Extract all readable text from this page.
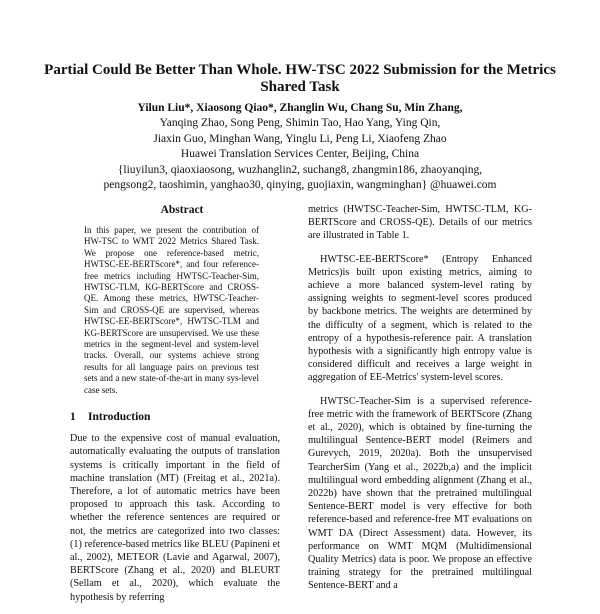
Partial Could Be Better Than Whole. HW-TSC 2022 Submission for the Metrics Shared Task
Yilun Liu*, Xiaosong Qiao*, Zhanglin Wu, Chang Su, Min Zhang,
Yanqing Zhao, Song Peng, Shimin Tao, Hao Yang, Ying Qin,
Jiaxin Guo, Minghan Wang, Yinglu Li, Peng Li, Xiaofeng Zhao
Huawei Translation Services Center, Beijing, China
{liuyilun3, qiaoxiaosong, wuzhanglin2, suchang8, zhangmin186, zhaoyanqing,
pengsong2, taoshimin, yanghao30, qinying, guojiaxin, wangminghan} @huawei.com
Abstract

In this paper, we present the contribution of HW-TSC to WMT 2022 Metrics Shared Task. We propose one reference-based metric, HWTSC-EE-BERTScore*, and four reference-free metrics including HWTSC-Teacher-Sim, HWTSC-TLM, KG-BERTScore and CROSS-QE. Among these metrics, HWTSC-Teacher-Sim and CROSS-QE are supervised, whereas HWTSC-EE-BERTScore*, HWTSC-TLM and KG-BERTScore are unsupervised. We use these metrics in the segment-level and system-level tracks. Overall, our systems achieve strong results for all language pairs on previous test sets and a new state-of-the-art in many sys-level case sets.

1 Introduction

Due to the expensive cost of manual evaluation, automatically evaluating the outputs of translation systems is critically important in the field of machine translation (MT) (Freitag et al., 2021a). Therefore, a lot of automatic metrics have been proposed to approach this task. According to whether the reference sentences are required or not, the metrics are categorized into two classes: (1) reference-based metrics like BLEU (Papineni et al., 2002), METEOR (Lavie and Agarwal, 2007), BERTScore (Zhang et al., 2020) and BLEURT (Sellam et al., 2020), which evaluate the hypothesis by referring

metrics (HWTSC-Teacher-Sim, HWTSC-TLM, KG-BERTScore and CROSS-QE). Details of our metrics are illustrated in Table 1.

HWTSC-EE-BERTScore* (Entropy Enhanced Metrics)is built upon existing metrics, aiming to achieve a more balanced system-level rating by assigning weights to segment-level scores produced by backbone metrics. The weights are determined by the difficulty of a segment, which is related to the entropy of a hypothesis-reference pair. A translation hypothesis with a significantly high entropy value is considered difficult and receives a large weight in aggregation of EE-Metrics' system-level scores.

HWTSC-Teacher-Sim is a supervised reference-free metric with the framework of BERTScore (Zhang et al., 2020), which is obtained by fine-turning the multilingual Sentence-BERT model (Reimers and Gurevych, 2019, 2020a). Both the unsupervised TearcherSim (Yang et al., 2022b,a) and the implicit multilingual word embedding alignment (Zhang et al., 2022b) have shown that the pretrained multilingual Sentence-BERT model is very effective for both reference-based and reference-free MT evaluations on WMT DA (Direct Assessment) data. However, its performance on WMT MQM (Multidimensional Quality Metrics) data is poor. We propose an effective training strategy for the pretrained multilingual Sentence-BERT and a
